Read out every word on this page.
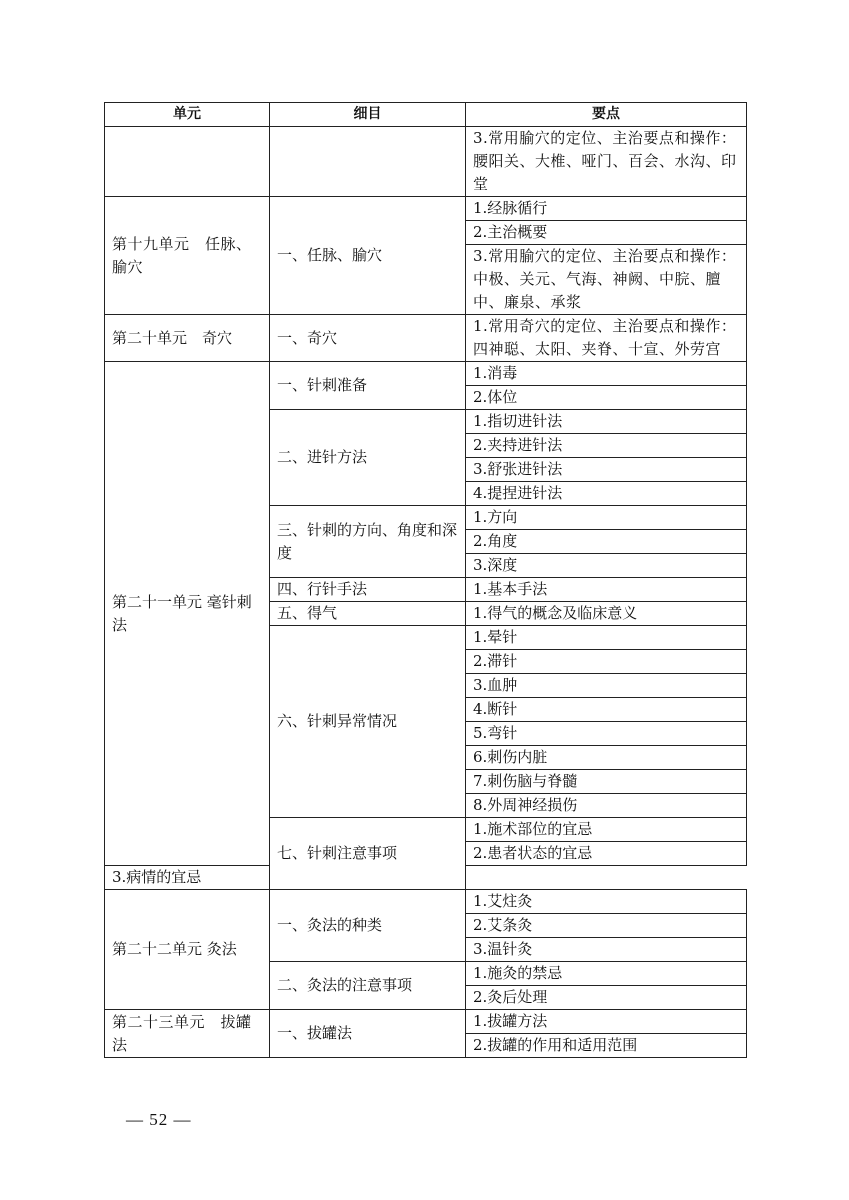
单元	细目	要点
		3.常用腧穴的定位、主治要点和操作：腰阳关、大椎、哑门、百会、水沟、印堂
第十九单元　任脉、腧穴	一、任脉、腧穴	1.经脉循行
		2.主治概要
		3.常用腧穴的定位、主治要点和操作：中极、关元、气海、神阙、中脘、膻中、廉泉、承浆
第二十单元　奇穴	一、奇穴	1.常用奇穴的定位、主治要点和操作：四神聪、太阳、夹脊、十宣、外劳宫
第二十一单元 毫针刺法	一、针刺准备	1.消毒
		2.体位
	二、进针方法	1.指切进针法
		2.夹持进针法
		3.舒张进针法
		4.提捏进针法
	三、针刺的方向、角度和深度	1.方向
		2.角度
		3.深度
	四、行针手法	1.基本手法
	五、得气	1.得气的概念及临床意义
	六、针刺异常情况	1.晕针
		2.滞针
		3.血肿
		4.断针
		5.弯针
		6.刺伤内脏
		7.刺伤脑与脊髓
		8.外周神经损伤
	七、针刺注意事项	1.施术部位的宜忌
		2.患者状态的宜忌
3.病情的宜忌		
第二十二单元 灸法	一、灸法的种类	1.艾炷灸
		2.艾条灸
		3.温针灸
	二、灸法的注意事项	1.施灸的禁忌
		2.灸后处理
第二十三单元　拔罐法	一、拔罐法	1.拔罐方法
		2.拔罐的作用和适用范围
— 52 —
